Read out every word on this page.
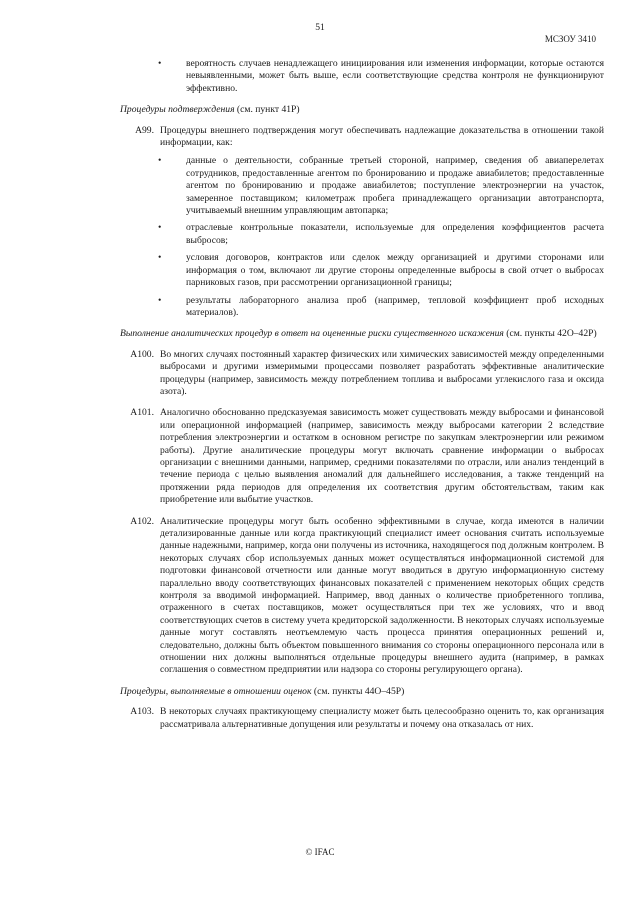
51
МСЗОУ 3410
•	вероятность случаев ненадлежащего инициирования или изменения информации, которые остаются невыявленными, может быть выше, если соответствующие средства контроля не функционируют эффективно.

Процедуры подтверждения (см. пункт 41Р)
A99. Процедуры внешнего подтверждения могут обеспечивать надлежащие доказательства в отношении такой информации, как:

•	данные о деятельности, собранные третьей стороной, например, сведения об авиаперелетах сотрудников, предоставленные агентом по бронированию и продаже авиабилетов; предоставленные агентом по бронированию и продаже авиабилетов; поступление электроэнергии на участок, замеренное поставщиком; километраж пробега принадлежащего организации автотранспорта, учитываемый внешним управляющим автопарка;

•	отраслевые контрольные показатели, используемые для определения коэффициентов расчета выбросов;

•	условия договоров, контрактов или сделок между организацией и другими сторонами или информация о том, включают ли другие стороны определенные выбросы в свой отчет о выбросах парниковых газов, при рассмотрении организационной границы;

•	результаты лабораторного анализа проб (например, тепловой коэффициент проб исходных материалов).

Выполнение аналитических процедур в ответ на оцененные риски существенного искажения (см. пункты 42О–42Р)
A100. Во многих случаях постоянный характер физических или химических зависимостей между определенными выбросами и другими измеримыми процессами позволяет разработать эффективные аналитические процедуры (например, зависимость между потреблением топлива и выбросами углекислого газа и оксида азота).

A101. Аналогично обоснованно предсказуемая зависимость может существовать между выбросами и финансовой или операционной информацией (например, зависимость между выбросами категории 2 вследствие потребления электроэнергии и остатком в основном регистре по закупкам электроэнергии или режимом работы). Другие аналитические процедуры могут включать сравнение информации о выбросах организации с внешними данными, например, средними показателями по отрасли, или анализ тенденций в течение периода с целью выявления аномалий для дальнейшего исследования, а также тенденций на протяжении ряда периодов для определения их соответствия другим обстоятельствам, таким как приобретение или выбытие участков.

A102. Аналитические процедуры могут быть особенно эффективными в случае, когда имеются в наличии детализированные данные или когда практикующий специалист имеет основания считать используемые данные надежными, например, когда они получены из источника, находящегося под должным контролем. В некоторых случаях сбор используемых данных может осуществляться информационной системой для подготовки финансовой отчетности или данные могут вводиться в другую информационную систему параллельно вводу соответствующих финансовых показателей с применением некоторых общих средств контроля за вводимой информацией. Например, ввод данных о количестве приобретенного топлива, отраженного в счетах поставщиков, может осуществляться при тех же условиях, что и ввод соответствующих счетов в систему учета кредиторской задолженности. В некоторых случаях используемые данные могут составлять неотъемлемую часть процесса принятия операционных решений и, следовательно, должны быть объектом повышенного внимания со стороны операционного персонала или в отношении них должны выполняться отдельные процедуры внешнего аудита (например, в рамках соглашения о совместном предприятии или надзора со стороны регулирующего органа).

Процедуры, выполняемые в отношении оценок (см. пункты 44О–45Р)
A103. В некоторых случаях практикующему специалисту может быть целесообразно оценить то, как организация рассматривала альтернативные допущения или результаты и почему она отказалась от них.

© IFAC
